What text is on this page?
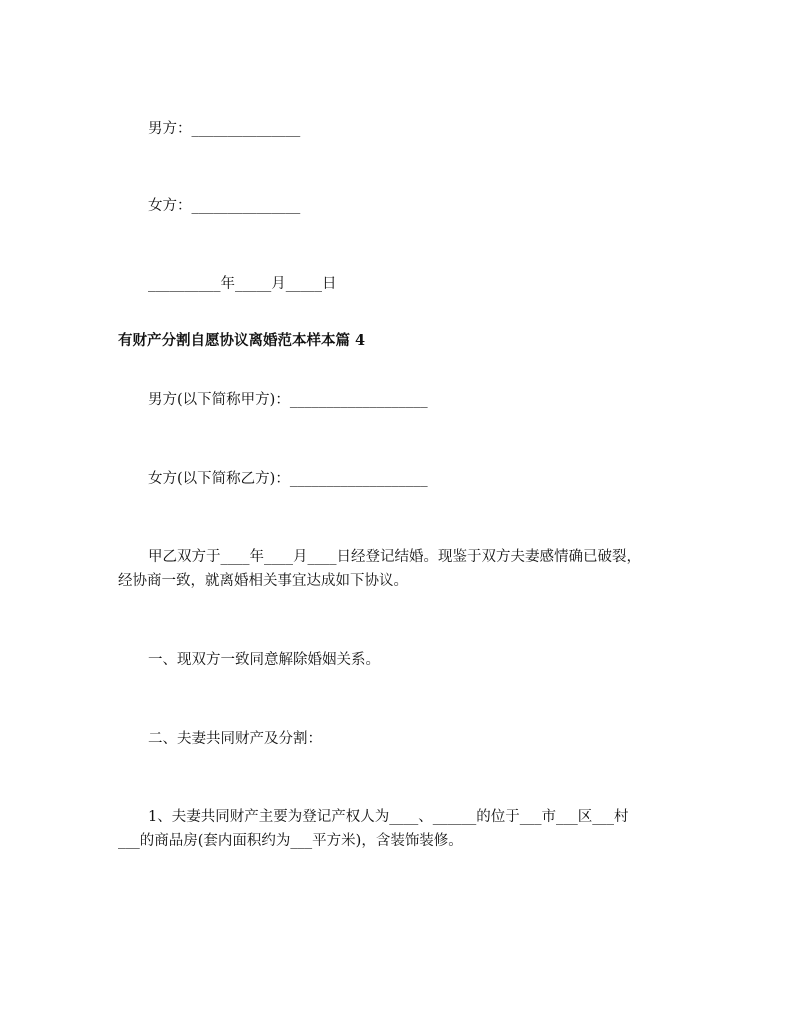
男方：_______________
女方：_______________
__________年_____月_____日
有财产分割自愿协议离婚范本样本篇 4
男方(以下简称甲方)：___________________
女方(以下简称乙方)：___________________
甲乙双方于____年____月____日经登记结婚。现鉴于双方夫妻感情确已破裂，
经协商一致，就离婚相关事宜达成如下协议。
一、现双方一致同意解除婚姻关系。
二、夫妻共同财产及分割：
1、夫妻共同财产主要为登记产权人为____、______的位于___市___区___村
___的商品房(套内面积约为___平方米)，含装饰装修。
